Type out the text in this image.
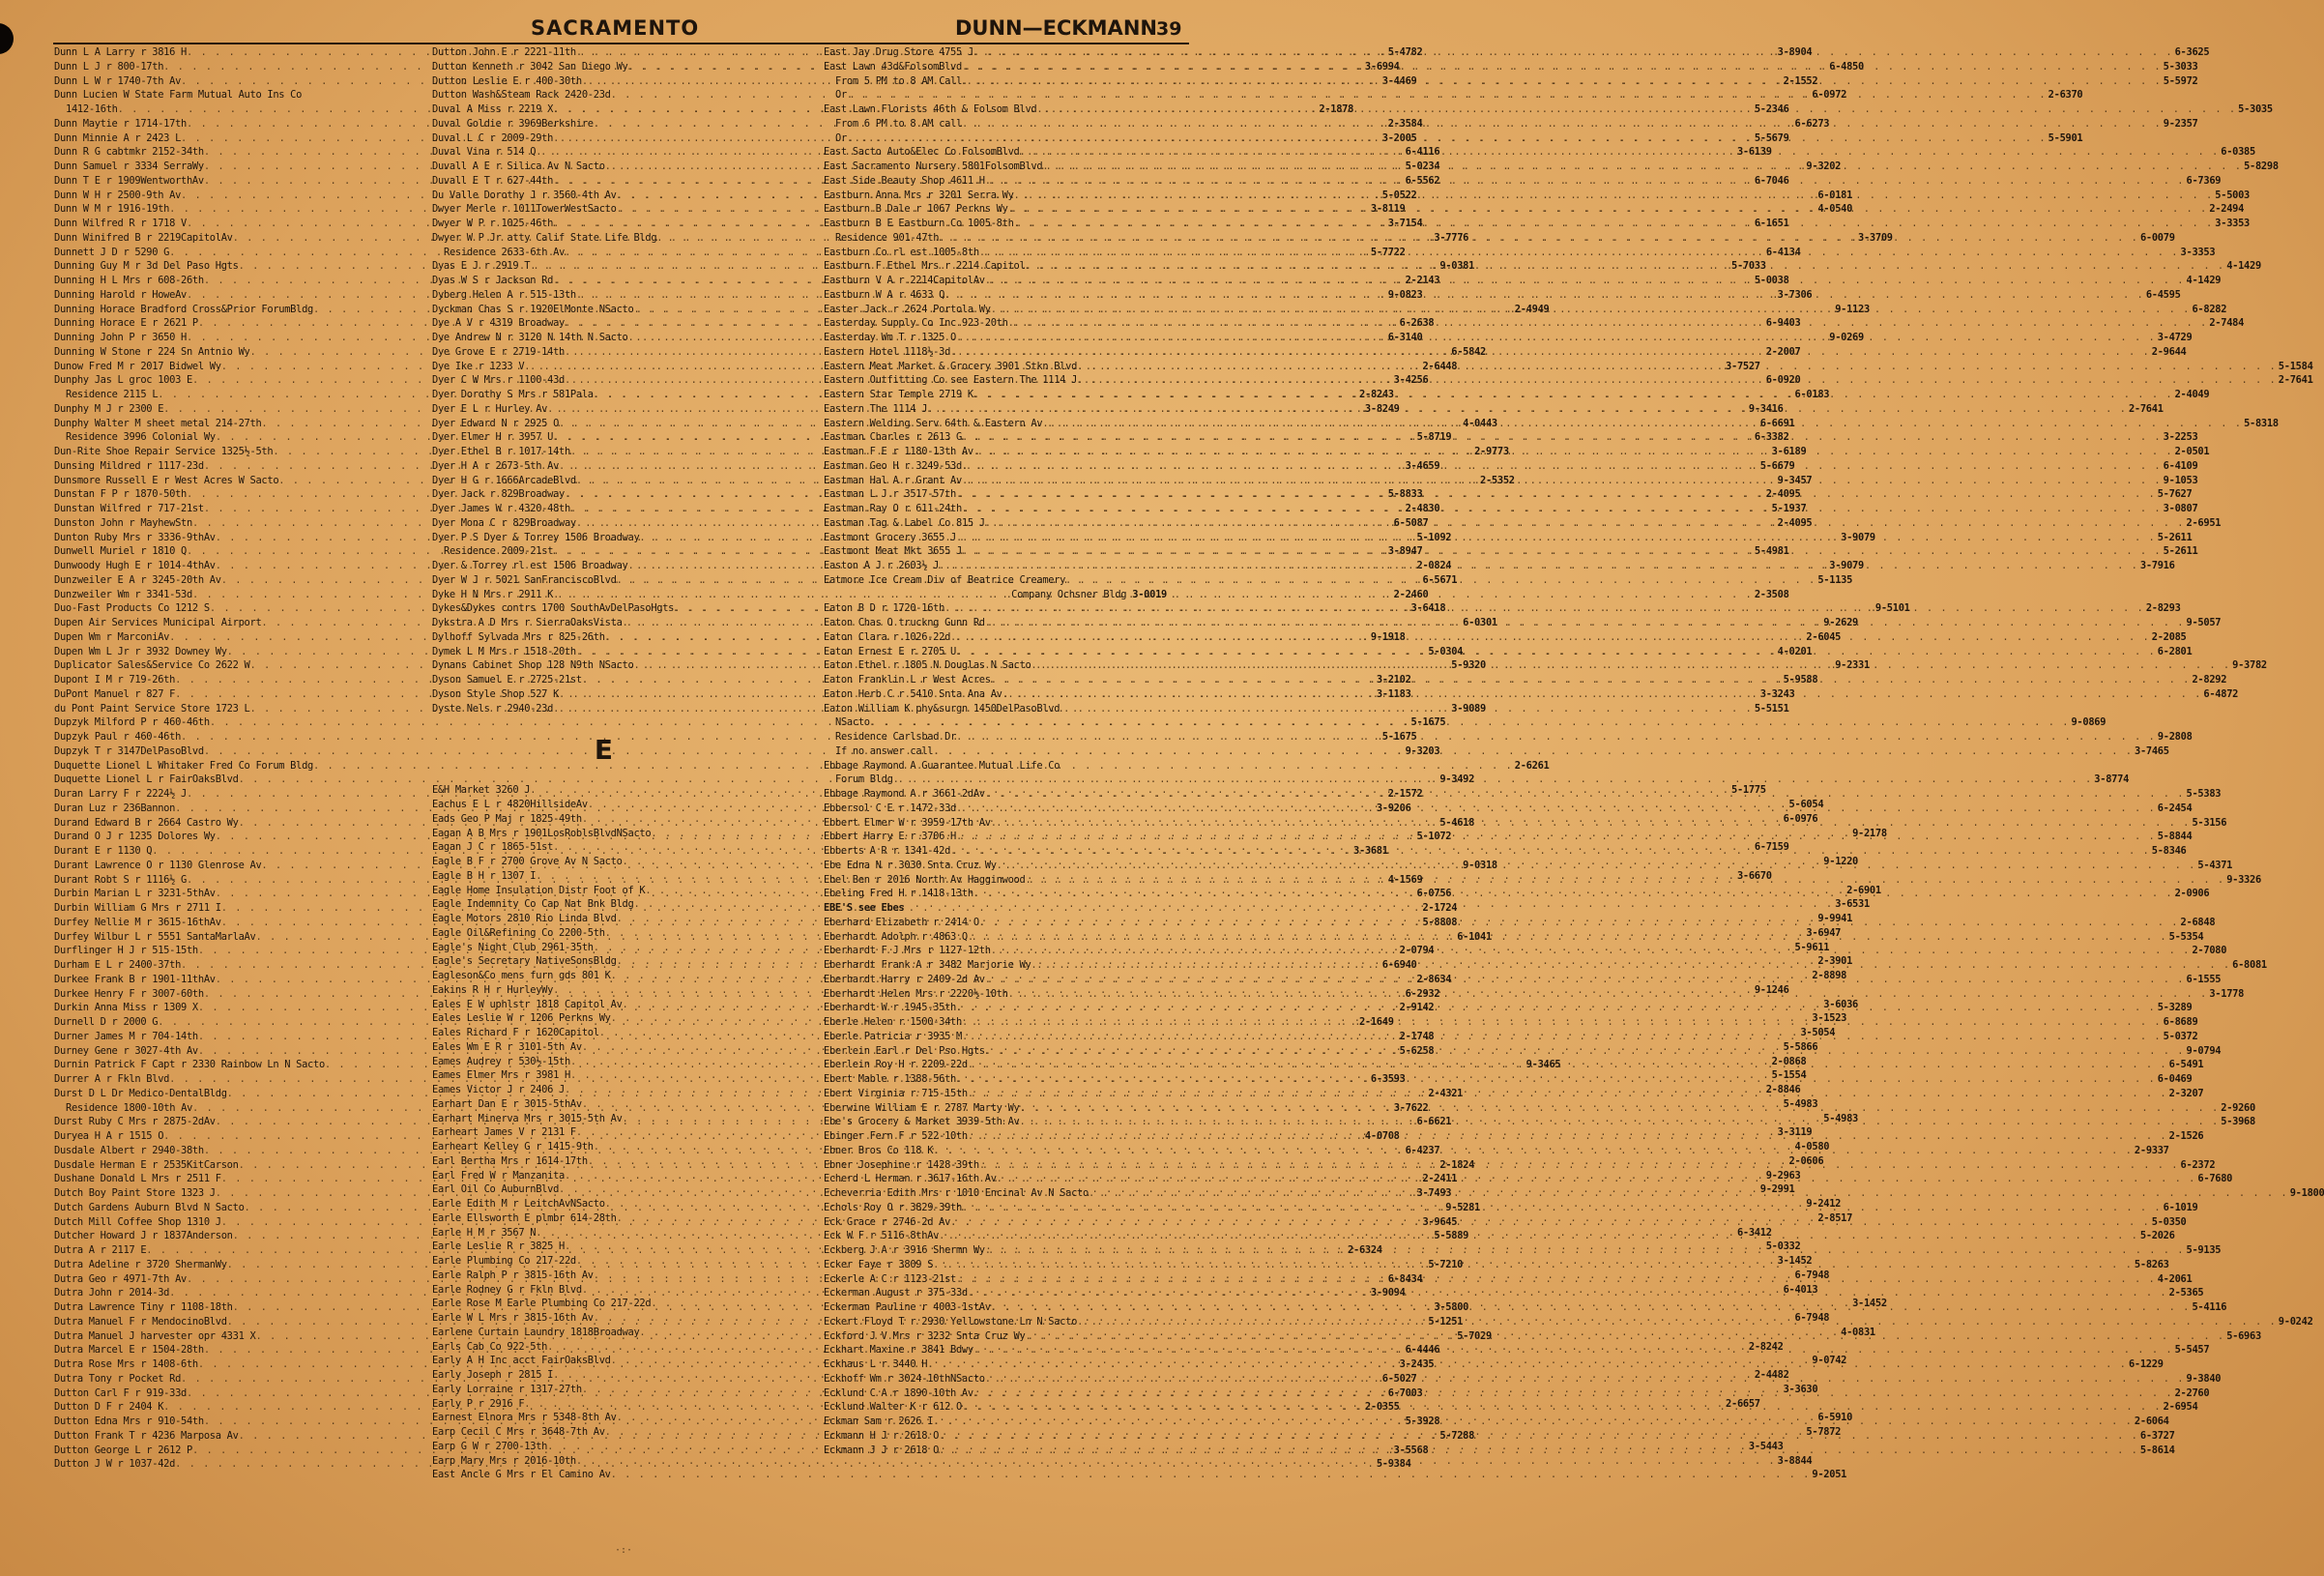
SACRAMENTO	DUNN—ECKMANN 39
Dunn L A Larry r 3816 H . . .	5-4782
Dunn L J r 800-17th . . .	3-6994
Dunn L W r 1740-7th Av . . .	3-4469
Dunn Lucien W State Farm Mutual Auto Ins Co
1412-16th . . .	2-1878
Dunn Maytie r 1714-17th . . .	2-3584
Dunn Minnie A r 2423 L . . .	3-2005
Dunn R G cabtmkr 2152-34th . . .	6-4116
Dunn Samuel r 3334 SerraWy . . .	5-0234
Dunn T E r 1909WentworthAv . . .	6-5562
Dunn W H r 2500-9th Av . . .	5-0522
Dunn W M r 1916-19th . . .	3-8119
Dunn Wilfred R r 1718 V . . .	3-7154
Dunn Winifred B r 2219CapitolAv . . .	3-7776
Dunnett J D r 5290 G . . .	5-7722
Dunning Guy M r 3d Del Paso Hgts . . .	9-0381
Dunning H L Mrs r 608-26th . . .	2-2143
Dunning Harold r HoweAv . . .	9-0823
Dunning Horace Bradford Cross&Prior ForumBldg . . .	2-4949
Dunning Horace E r 2621 P . . .	6-2638
Dunning John P r 3650 H . . .	6-3140
Dunning W Stone r 224 Sn Antnio Wy . . .	6-5842
Dunow Fred M r 2017 Bidwel Wy . . .	2-6448
Dunphy Jas L groc 1003 E . . .	3-4256
Residence 2115 L . . .	2-8243
Dunphy M J r 2300 E . . .	3-8249
Dunphy Walter M sheet metal 214-27th . . .	4-0443
Residence 3996 Colonial Wy . . .	5-8719
Dun-Rite Shoe Repair Service 1325½-5th . . .	2-9773
Dunsing Mildred r 1117-23d . . .	3-4659
Dunsmore Russell E r West Acres W Sacto . . .	2-5352
Dunstan F P r 1870-50th . . .	5-8833
Dunstan Wilfred r 717-21st . . .	2-4830
Dunston John r MayhewStn . . .	6-5087
Dunton Ruby Mrs r 3336-9thAv . . .	5-1092
Dunwell Muriel r 1810 Q . . .	3-8947
Dunwoody Hugh E r 1014-4thAv . . .	2-0824
Dunzweiler E A r 3245-20th Av . . .	6-5671
Dunzweiler Wm r 3341-53d . . .	2-2460
Duo-Fast Products Co 1212 S . . .	3-6418
Dupen Air Services Municipal Airport . . .	6-0301
Dupen Wm r MarconiAv . . .	9-1918
Dupen Wm L Jr r 3932 Downey Wy . . .	5-0304
Duplicator Sales&Service Co 2622 W . . .	5-9320
Dupont I M r 719-26th . . .	3-2102
DuPont Manuel r 827 F . . .	3-1183
du Pont Paint Service Store 1723 L . . .	3-9089
Dupzyk Milford P r 460-46th . . .	5-1675
Dupzyk Paul r 460-46th . . .	5-1675
Dupzyk T r 3147DelPasoBlvd . . .	9-3203
Duquette Lionel L Whitaker Fred Co Forum Bldg . . .	2-6261
Duquette Lionel L r FairOaksBlvd . . .	9-3492
Duran Larry F r 2224½ J . . .	2-1572
Duran Luz r 236Bannon . . .	3-9206
Durand Edward B r 2664 Castro Wy . . .	5-4618
Durand O J r 1235 Dolores Wy . . .	5-1072
Durant E r 1130 Q . . .	3-3681
Durant Lawrence O r 1130 Glenrose Av . . .	9-0318
Durant Robt S r 1116½ G . . .	4-1569
Durbin Marian L r 3231-5thAv . . .	6-0756
Durbin William G Mrs r 2711 I . . .	2-1724
Durfey Nellie M r 3615-16thAv . . .	5-8808
Durfey Wilbur L r 5551 SantaMarlaAv . . .	6-1041
Durflinger H J r 515-15th . . .	2-0794
Durham E L r 2400-37th . . .	6-6940
Durkee Frank B r 1901-11thAv . . .	2-8634
Durkee Henry F r 3007-60th . . .	6-2932
Durkin Anna Miss r 1309 X . . .	2-9142
Durnell D r 2000 G . . .	2-1649
Durner James M r 704-14th . . .	2-1748
Durney Gene r 3027-4th Av . . .	5-6258
Durnin Patrick F Capt r 2330 Rainbow Ln N Sacto . . .	9-3465
Durrer A r Fkln Blvd . . .	6-3593
Durst D L Dr Medico-DentalBldg . . .	2-4321
Residence 1800-10th Av . . .	3-7622
Durst Ruby C Mrs r 2875-2dAv . . .	6-6621
Duryea H A r 1515 O . . .	4-0708
Dusdale Albert r 2940-38th . . .	6-4237
Dusdale Herman E r 2535KitCarson . . .	2-1824
Dushane Donald L Mrs r 2511 F . . .	2-2411
Dutch Boy Paint Store 1323 J . . .	3-7493
Dutch Gardens Auburn Blvd N Sacto . . .	9-5281
Dutch Mill Coffee Shop 1310 J . . .	3-9645
Dutcher Howard J r 1837Anderson . . .	5-5889
Dutra A r 2117 E . . .	2-6324
Dutra Adeline r 3720 ShermanWy . . .	5-7210
Dutra Geo r 4971-7th Av . . .	6-8434
Dutra John r 2014-3d . . .	3-9094
Dutra Lawrence Tiny r 1108-18th . . .	3-5800
Dutra Manuel F r MendocinoBlvd . . .	5-1251
Dutra Manuel J harvester opr 4331 X . . .	5-7029
Dutra Marcel E r 1504-28th . . .	6-4446
Dutra Rose Mrs r 1408-6th . . .	3-2435
Dutra Tony r Pocket Rd . . .	6-5027
Dutton Carl F r 919-33d . . .	6-7003
Dutton D F r 2404 K . . .	2-0355
Dutton Edna Mrs r 910-54th . . .	5-3928
Dutton Frank T r 4236 Marposa Av . . .	5-7288
Dutton George L r 2612 P . . .	3-5568
Dutton J W r 1037-42d . . .	5-9384
Dutton John E r 2221-11th . . .	3-8904
Dutton Kenneth r 3042 San Diego Wy . . .	6-4850
Dutton Leslie E r 400-30th . . .	2-1552
Dutton Wash&Steam Rack 2420-23d . . .	6-0972
Duval A Miss r 2219 X . . .	5-2346
Duval Goldie r 3969Berkshire . . .	6-6273
Duval L C r 2009-29th . . .	5-5679
Duval Vina r 514 Q . . .	3-6139
Duvall A E r Silica Av N Sacto . . .	9-3202
Duvall E T r 627-44th . . .	6-7046
Du Valle Dorothy J r 3560-4th Av . . .	6-0181
Dwyer Merle r 1011TowerWestSacto . . .	4-0540
Dwyer W P r 1025-46th . . .	6-1651
Dwyer W P Jr atty Calif State Life Bldg . . .	3-3709
Residence 2633-6th Av . . .	6-4134
Dyas E J r 2919 T . . .	5-7033
Dyas W S r Jackson Rd . . .	5-0038
Dyberg Helen A r 515-13th . . .	3-7306
Dyckman Chas S r 1920ElMonte NSacto . . .	9-1123
Dye A V r 4319 Broadway . . .	6-9403
Dye Andrew N r 3120 N 14th N Sacto . . .	9-0269
Dye Grove E r 2719-14th . . .	2-2007
Dye Ike r 1233 V . . .	3-7527
Dyer C W Mrs r 1100-43d . . .	6-0920
Dyer Dorothy S Mrs r 581Pala . . .	6-0183
Dyer E L r Hurley Av . . .	9-3416
Dyer Edward N r 2925 O . . .	6-6691
Dyer Elmer H r 3957 U . . .	6-3382
Dyer Ethel B r 1017-14th . . .	3-6189
Dyer H A r 2673-5th Av . . .	5-6679
Dyer H G r 1666ArcadeBlvd . . .	9-3457
Dyer Jack r 829Broadway . . .	2-4095
Dyer James W r 4320-48th . . .	5-1937
Dyer Mona C r 829Broadway . . .	2-4095
Dyer P S Dyer & Torrey 1506 Broadway . . .	3-9079
Residence 2009-21st . . .	5-4981
Dyer & Torrey rl est 1506 Broadway . . .	3-9079
Dyer W J r 5021 SanFranciscoBlvd . . .	5-1135
Dyke H N Mrs r 2911 K . . .	2-3508
Dykes&Dykes contrs 1700 SouthAvDelPasoHgts . . .	9-5101
Dykstra A D Mrs r SierraOaksVista . . .	9-2629
Dylhoff Sylvada Mrs r 825-26th . . .	2-6045
Dymek L M Mrs r 1518-20th . . .	4-0201
Dynans Cabinet Shop 128 N9th NSacto . . .	9-2331
Dyson Samuel E r 2725-21st . . .	5-9588
Dyson Style Shop 527 K . . .	3-3243
Dyste Nels r 2940-23d . . .	5-5151
E
E&H Market 3260 J . . .	5-1775
Eachus E L r 4820HillsideAv . . .	5-6054
Eads Geo P Maj r 1825-49th . . .	6-0976
Eagan A B Mrs r 1901LosRoblsBlvdNSacto . . .	9-2178
Eagan J C r 1865-51st . . .	6-7159
Eagle B F r 2700 Grove Av N Sacto . . .	9-1220
Eagle B H r 1307 I . . .	3-6670
Eagle Home Insulation Distr Foot of K . . .	2-6901
Eagle Indemnity Co Cap Nat Bnk Bldg . . .	3-6531
Eagle Motors 2810 Rio Linda Blvd . . .	9-9941
Eagle Oil&Refining Co 2200-5th . . .	3-6947
Eagle's Night Club 2961-35th . . .	5-9611
Eagle's Secretary NativeSonsBldg . . .	2-3901
Eagleson&Co mens furn gds 801 K . . .	2-8898
Eakins R H r HurleyWy . . .	9-1246
Eales E W uphlstr 1818 Capitol Av . . .	3-6036
Eales Leslie W r 1206 Perkns Wy . . .	3-1523
Eales Richard F r 1620Capitol . . .	3-5054
Eales Wm E R r 3101-5th Av . . .	5-5866
Eames Audrey r 530½-15th . . .	2-0868
Eames Elmer Mrs r 3981 H . . .	5-1554
Eames Victor J r 2406 J . . .	2-8846
Earhart Dan E r 3015-5thAv . . .	5-4983
Earhart Minerva Mrs r 3015-5th Av . . .	5-4983
Earheart James V r 2131 F . . .	3-3119
Earheart Kelley G r 1415-9th . . .	4-0580
Earl Bertha Mrs r 1614-17th . . .	2-0606
Earl Fred W r Manzanita . . .	9-2963
Earl Oil Co AuburnBlvd . . .	9-2991
Earle Edith M r LeitchAvNSacto . . .	9-2412
Earle Ellsworth E plmbr 614-28th . . .	2-8517
Earle H M r 3567 N . . .	6-3412
Earle Leslie R r 3825 H . . .	5-0332
Earle Plumbing Co 217-22d . . .	3-1452
Earle Ralph P r 3815-16th Av . . .	6-7948
Earle Rodney G r Fkln Blvd . . .	6-4013
Earle Rose M Earle Plumbing Co 217-22d . . .	3-1452
Earle W L Mrs r 3815-16th Av . . .	6-7948
Earlene Curtain Laundry 1818Broadway . . .	4-0831
Earls Cab Co 922-5th . . .	2-8242
Early A H Inc acct FairOaksBlvd . . .	9-0742
Early Joseph r 2815 I . . .	2-4482
Early Lorraine r 1317-27th . . .	3-3630
Early P r 2916 F . . .	2-6657
Earnest Elnora Mrs r 5348-8th Av . . .	6-5910
Earp Cecil C Mrs r 3648-7th Av . . .	5-7872
Earp G W r 2700-13th . . .	3-5443
Earp Mary Mrs r 2016-10th . . .	3-8844
East Ancle G Mrs r El Camino Av . . .	9-2051
East Jay Drug Store 4755 J . . .	6-3625
East Lawn 43d&FolsomBlvd . . .	5-3033
From 5 PM to 8 AM Call . . .	5-5972
Or . . .	2-6370
East Lawn Florists 46th & Folsom Blvd . . .	5-3035
From 6 PM to 8 AM call . . .	9-2357
Or . . .	5-5901
East Sacto Auto&Elec Co FolsomBlvd . . .	6-0385
East Sacramento Nursery 5801FolsomBlvd . . .	5-8298
East Side Beauty Shop 4611 H . . .	6-7369
Eastburn Anna Mrs r 3201 Serra Wy . . .	5-5003
Eastburn B Dale r 1067 Perkns Wy . . .	2-2494
Eastburn B E Eastburn Co 1005-8th . . .	3-3353
Residence 901-47th . . .	6-0079
Eastburn Co rl est 1005-8th . . .	3-3353
Eastburn F Ethel Mrs r 2214 Capitol . . .	4-1429
Eastburn V A r 2214CapitolAv . . .	4-1429
Eastburn W A r 4633 Q . . .	6-4595
Easter Jack r 2624 Portola Wy . . .	6-8282
Easterday Supply Co Inc 923-20th . . .	2-7484
Easterday Wm T r 1325 O . . .	3-4729
Eastern Hotel 1118½-3d . . .	2-9644
Eastern Meat Market & Grocery 3901 Stkn Blvd . . .	5-1584
Eastern Outfitting Co see Eastern The 1114 J . . .	2-7641
Eastern Star Temple 2719 K . . .	2-4049
Eastern The 1114 J . . .	2-7641
Eastern Welding Serv 64th & Eastern Av . . .	5-8318
Eastman Charles r 2613 G . . .	3-2253
Eastman F E r 1180-13th Av . . .	2-0501
Eastman Geo H r 3249-53d . . .	6-4109
Eastman Hal A r Grant Av . . .	9-1053
Eastman L J r 3517-57th . . .	5-7627
Eastman Ray O r 611-24th . . .	3-0807
Eastman Tag & Label Co 815 J . . .	2-6951
Eastmont Grocery 3655 J . . .	5-2611
Eastmont Meat Mkt 3655 J . . .	5-2611
Easton A J r 2603½ J . . .	3-7916
Eatmore Ice Cream Div of Beatrice Creamery
Company Ochsner Bldg 3-0019
Eaton B D r 1720-16th . . .	2-8293
Eaton Chas O truckng Gunn Rd . . .	9-5057
Eaton Clara r 1026-22d . . .	2-2085
Eaton Ernest E r 2705 U . . .	6-2801
Eaton Ethel r 1805 N Douglas N Sacto . . .	9-3782
Eaton Franklin L r West Acres . . .	2-8292
Eaton Herb C r 5410 Snta Ana Av . . .	6-4872
Eaton William K phy&surgn 1450DelPasoBlvd
NSacto . . .	9-0869
Residence Carlsbad Dr . . .	9-2808
If no answer call . . .	3-7465
Ebbage Raymond A Guarantee Mutual Life Co
Forum Bldg . . .	3-8774
Ebbage Raymond A r 3661-2dAv . . .	5-5383
Ebbersol C E r 1472-33d . . .	6-2454
Ebbert Elmer W r 3959-17th Av . . .	5-3156
Ebbert Harry E r 3706 H . . .	5-8844
Ebberts A R r 1341-42d . . .	5-8346
Ebe Edna N r 3030 Snta Cruz Wy . . .	5-4371
Ebel Ben r 2016 North Av Hagginwood . . .	9-3326
Ebeling Fred H r 1418-13th . . .	2-0906
EBE'S see Ebes
Eberhard Elizabeth r 2414 O . . .	2-6848
Eberhardt Adolph r 4863 Q . . .	5-5354
Eberhardt F J Mrs r 1127-12th . . .	2-7080
Eberhardt Frank A r 3482 Marjorie Wy . . .	6-8081
Eberhardt Harry r 2409-2d Av . . .	6-1555
Eberhardt Helen Mrs r 2220½-10th . . .	3-1778
Eberhardt W r 1945-35th . . .	5-3289
Eberle Helen r 1500-34th . . .	6-8689
Eberle Patricia r 3935 M . . .	5-0372
Eberlein Earl r Del Pso Hgts . . .	9-0794
Eberlein Roy H r 2209-22d . . .	6-5491
Ebert Mable r 1388-56th . . .	6-0469
Ebert Virginia r 715-15th . . .	2-3207
Eberwine William E r 2787 Marty Wy . . .	2-9260
Ebe's Grocery & Market 3939-5th Av . . .	5-3968
Ebinger Fern F r 522-10th . . .	2-1526
Ebner Bros Co 118 K . . .	2-9337
Ebner Josephine r 1428-39th . . .	6-2372
Echerd L Herman r 3617-16th Av . . .	6-7680
Echeverria Edith Mrs r 1010 Encinal Av N Sacto . . .	9-1800
Echols Roy O r 3829-39th . . .	6-1019
Eck Grace r 2746-2d Av . . .	5-0350
Eck W F r 5116-8thAv . . .	5-2026
Eckberg J A r 3916 Shermn Wy . . .	5-9135
Ecker Faye r 3809 S . . .	5-8263
Eckerle A C r 1123-21st . . .	4-2061
Eckerman August r 375-33d . . .	2-5365
Eckerman Pauline r 4003-1stAv . . .	5-4116
Eckert Floyd T r 2930 Yellowstone Ln N Sacto . . .	9-0242
Eckford J V Mrs r 3232 Snta Cruz Wy . . .	5-6963
Eckhart Maxine r 3841 Bdwy . . .	5-5457
Eckhaus L r 3440 H . . .	6-1229
Eckhoff Wm r 3024-10thNSacto . . .	9-3840
Ecklund C A r 1890-10th Av . . .	2-2760
Ecklund Walter K r 612 O . . .	2-6954
Eckman Sam r 2626 I . . .	2-6064
Eckmann H J r 2618 O . . .	6-3727
Eckmann J J r 2618 O . . .	5-8614
·:·
